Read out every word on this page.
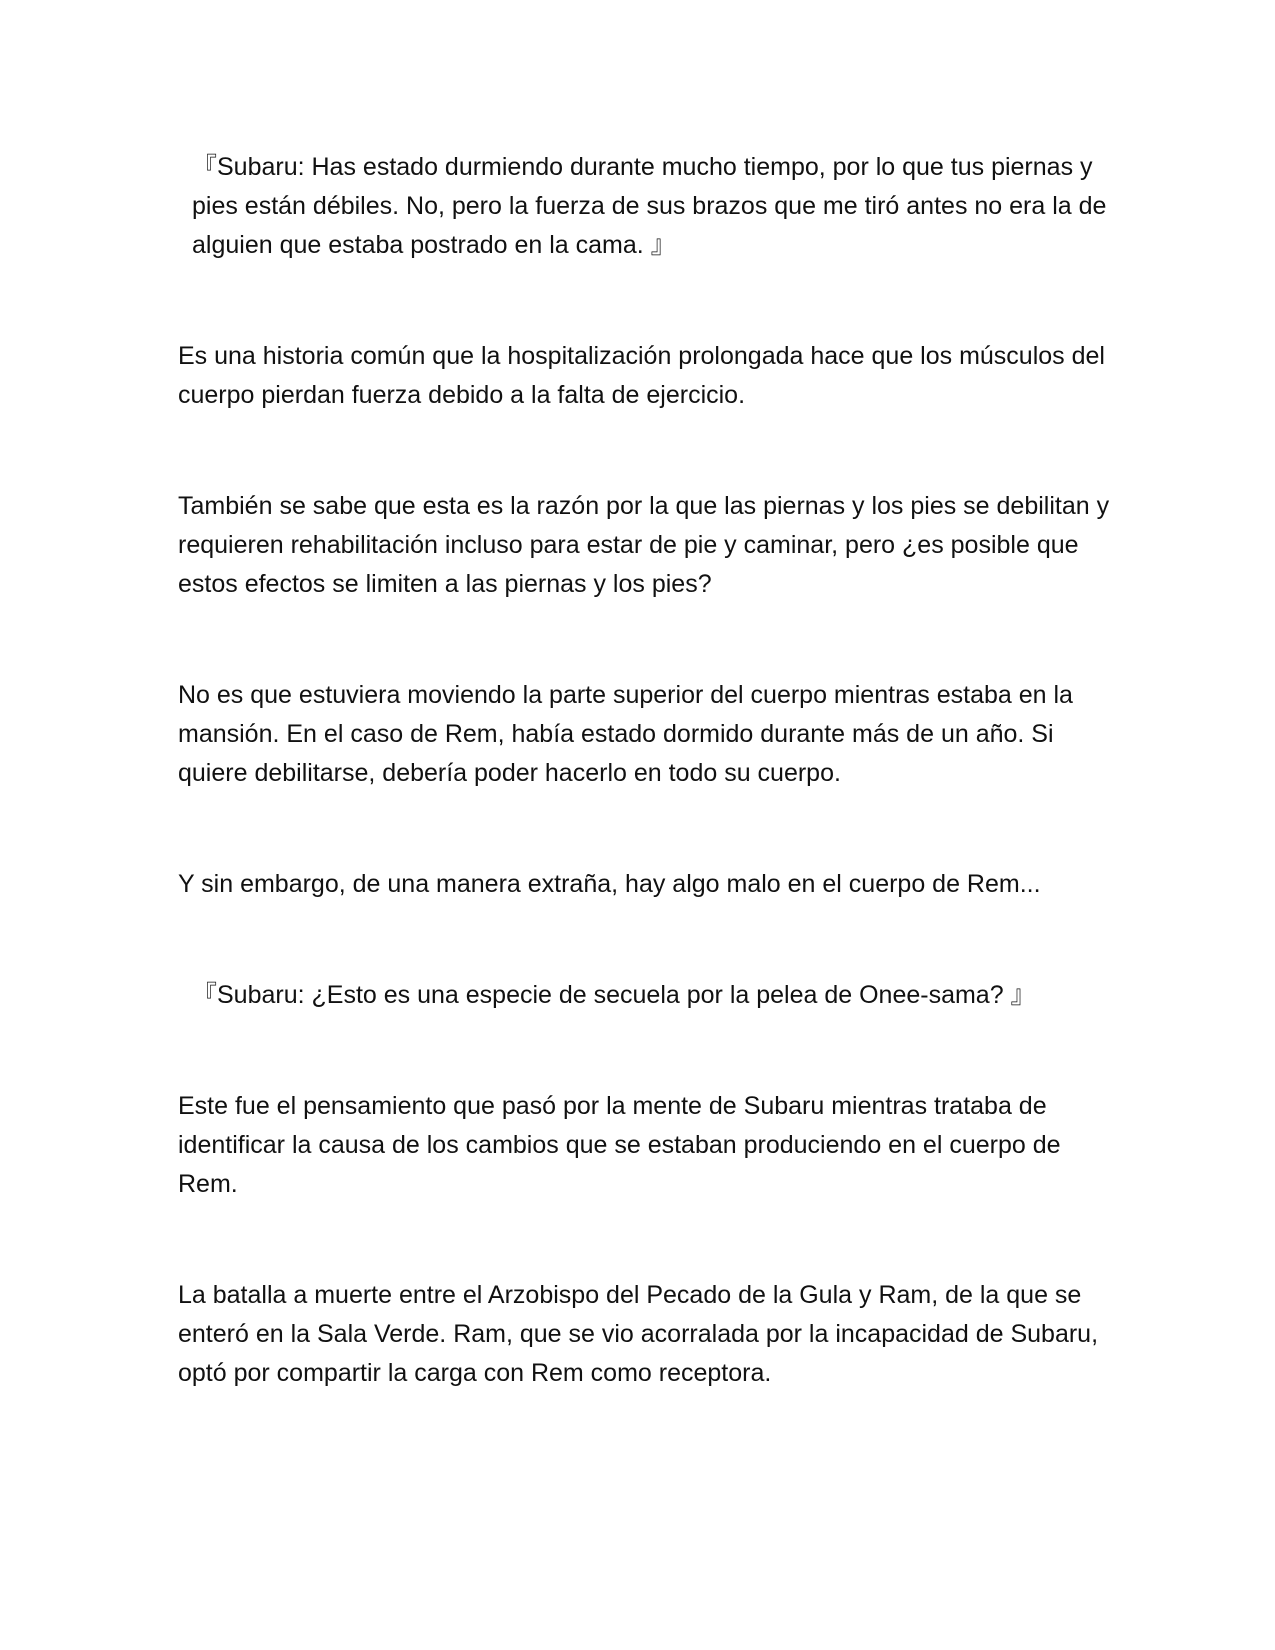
『Subaru: Has estado durmiendo durante mucho tiempo, por lo que tus piernas y pies están débiles. No, pero la fuerza de sus brazos que me tiró antes no era la de alguien que estaba postrado en la cama. 』

Es una historia común que la hospitalización prolongada hace que los músculos del cuerpo pierdan fuerza debido a la falta de ejercicio.

También se sabe que esta es la razón por la que las piernas y los pies se debilitan y requieren rehabilitación incluso para estar de pie y caminar, pero ¿es posible que estos efectos se limiten a las piernas y los pies?

No es que estuviera moviendo la parte superior del cuerpo mientras estaba en la mansión. En el caso de Rem, había estado dormido durante más de un año. Si quiere debilitarse, debería poder hacerlo en todo su cuerpo.

Y sin embargo, de una manera extraña, hay algo malo en el cuerpo de Rem...

『Subaru: ¿Esto es una especie de secuela por la pelea de Onee-sama? 』

Este fue el pensamiento que pasó por la mente de Subaru mientras trataba de identificar la causa de los cambios que se estaban produciendo en el cuerpo de Rem.

La batalla a muerte entre el Arzobispo del Pecado de la Gula y Ram, de la que se enteró en la Sala Verde. Ram, que se vio acorralada por la incapacidad de Subaru, optó por compartir la carga con Rem como receptora.
